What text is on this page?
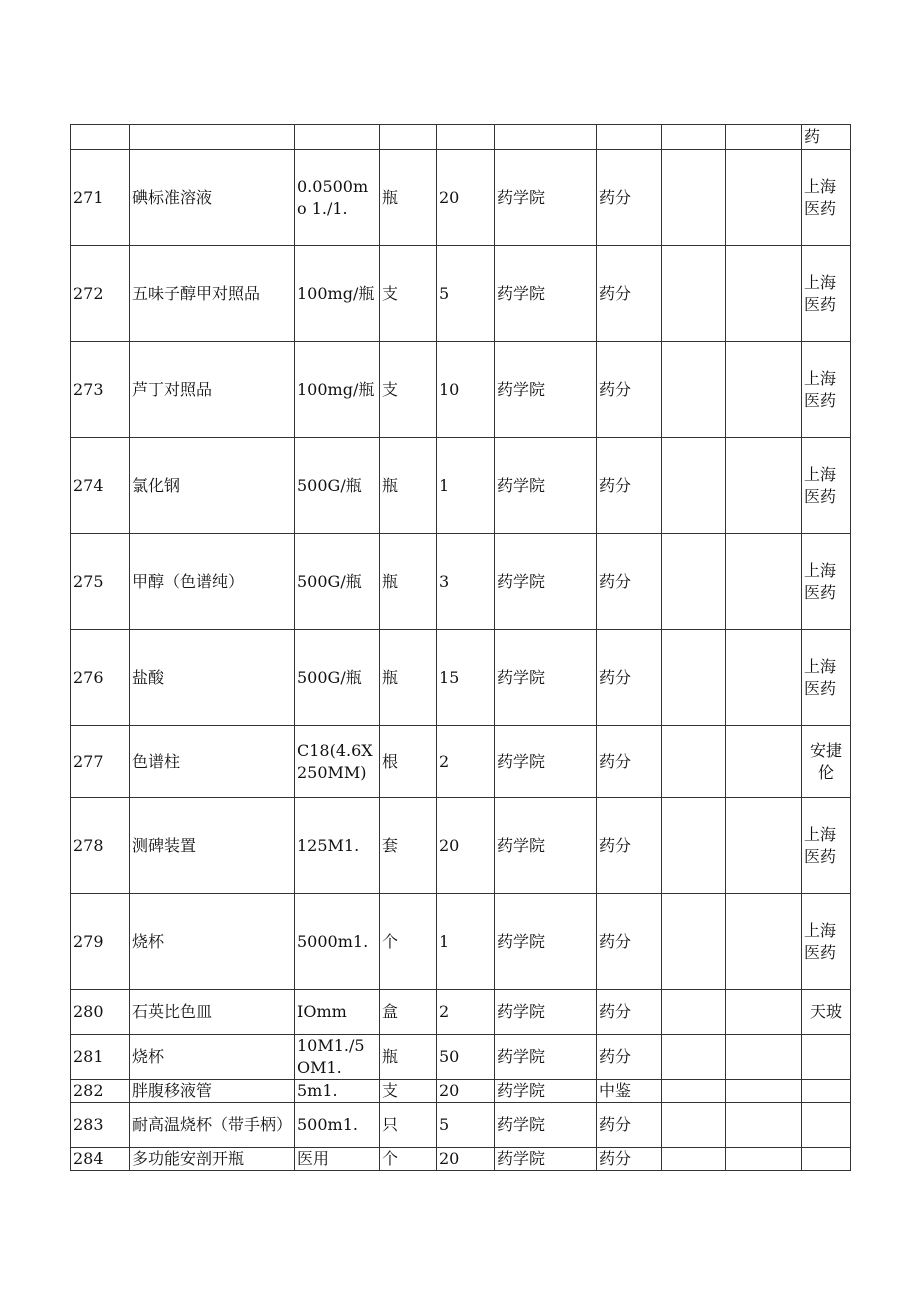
									药
271	碘标准溶液	0.0500mo 1./1.	瓶	20	药学院	药分			上海医药
272	五味子醇甲对照品	100mg/瓶	支	5	药学院	药分			上海医药
273	芦丁对照品	100mg/瓶	支	10	药学院	药分			上海医药
274	氯化钢	500G/瓶	瓶	1	药学院	药分			上海医药
275	甲醇（色谱纯）	500G/瓶	瓶	3	药学院	药分			上海医药
276	盐酸	500G/瓶	瓶	15	药学院	药分			上海医药
277	色谱柱	C18(4.6X250MM)	根	2	药学院	药分			安捷伦
278	测碑装置	125M1.	套	20	药学院	药分			上海医药
279	烧杯	5000m1.	个	1	药学院	药分			上海医药
280	石英比色皿	IOmm	盒	2	药学院	药分			天玻
281	烧杯	10M1./5OM1.	瓶	50	药学院	药分			
282	胖腹移液管	5m1.	支	20	药学院	中鉴			
283	耐高温烧杯（带手柄）	500m1.	只	5	药学院	药分			
284	多功能安剖开瓶	医用	个	20	药学院	药分			
